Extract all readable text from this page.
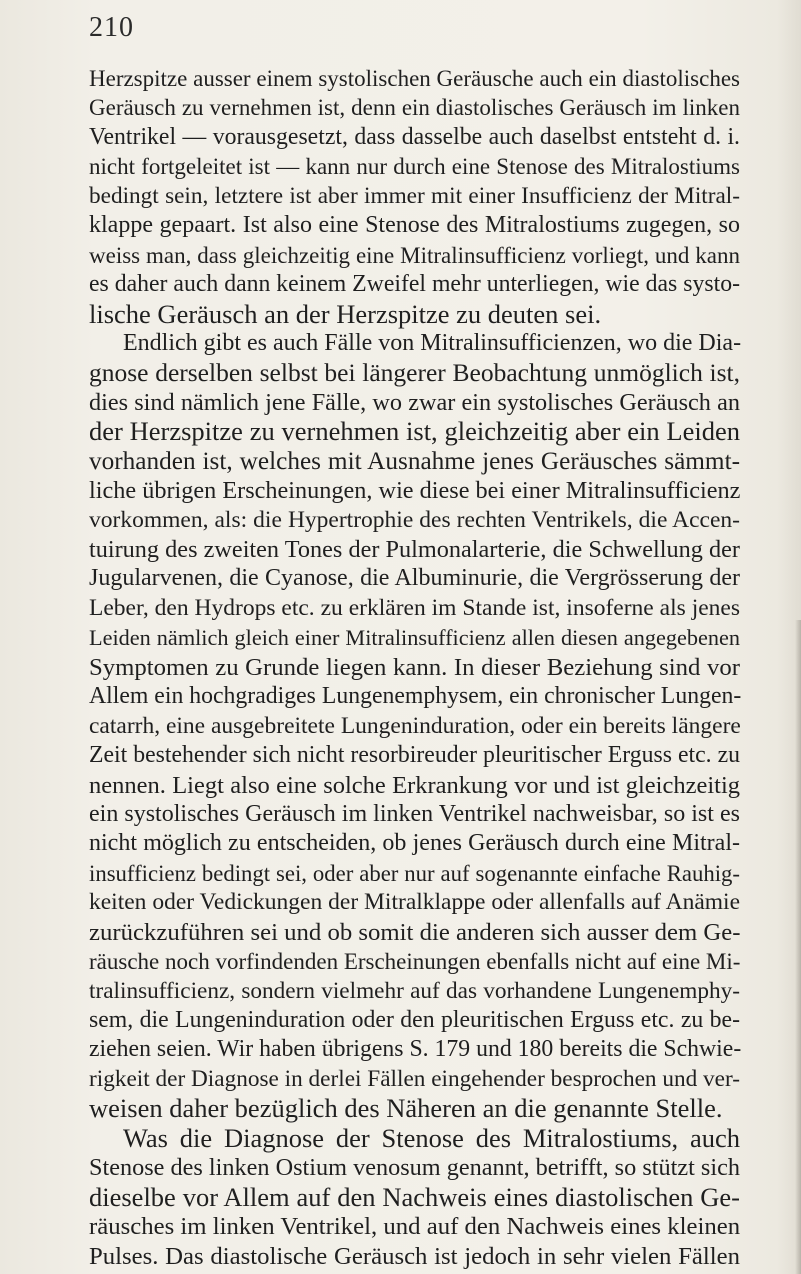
210
Herzspitze ausser einem systolischen Geräusche auch ein diastolisches
Geräusch zu vernehmen ist, denn ein diastolisches Geräusch im linken
Ventrikel — vorausgesetzt, dass dasselbe auch daselbst entsteht d. i.
nicht fortgeleitet ist — kann nur durch eine Stenose des Mitralostiums
bedingt sein, letztere ist aber immer mit einer Insufficienz der Mitral-
klappe gepaart. Ist also eine Stenose des Mitralostiums zugegen, so
weiss man, dass gleichzeitig eine Mitralinsufficienz vorliegt, und kann
es daher auch dann keinem Zweifel mehr unterliegen, wie das systo-
lische Geräusch an der Herzspitze zu deuten sei.
Endlich gibt es auch Fälle von Mitralinsufficienzen, wo die Dia-
gnose derselben selbst bei längerer Beobachtung unmöglich ist,
dies sind nämlich jene Fälle, wo zwar ein systolisches Geräusch an
der Herzspitze zu vernehmen ist, gleichzeitig aber ein Leiden
vorhanden ist, welches mit Ausnahme jenes Geräusches sämmt-
liche übrigen Erscheinungen, wie diese bei einer Mitralinsufficienz
vorkommen, als: die Hypertrophie des rechten Ventrikels, die Accen-
tuirung des zweiten Tones der Pulmonalarterie, die Schwellung der
Jugularvenen, die Cyanose, die Albuminurie, die Vergrösserung der
Leber, den Hydrops etc. zu erklären im Stande ist, insoferne als jenes
Leiden nämlich gleich einer Mitralinsufficienz allen diesen angegebenen
Symptomen zu Grunde liegen kann. In dieser Beziehung sind vor
Allem ein hochgradiges Lungenemphysem, ein chronischer Lungen-
catarrh, eine ausgebreitete Lungeninduration, oder ein bereits längere
Zeit bestehender sich nicht resorbireuder pleuritischer Erguss etc. zu
nennen. Liegt also eine solche Erkrankung vor und ist gleichzeitig
ein systolisches Geräusch im linken Ventrikel nachweisbar, so ist es
nicht möglich zu entscheiden, ob jenes Geräusch durch eine Mitral-
insufficienz bedingt sei, oder aber nur auf sogenannte einfache Rauhig-
keiten oder Vedickungen der Mitralklappe oder allenfalls auf Anämie
zurückzuführen sei und ob somit die anderen sich ausser dem Ge-
räusche noch vorfindenden Erscheinungen ebenfalls nicht auf eine Mi-
tralinsufficienz, sondern vielmehr auf das vorhandene Lungenemphy-
sem, die Lungeninduration oder den pleuritischen Erguss etc. zu be-
ziehen seien. Wir haben übrigens S. 179 und 180 bereits die Schwie-
rigkeit der Diagnose in derlei Fällen eingehender besprochen und ver-
weisen daher bezüglich des Näheren an die genannte Stelle.
Was die Diagnose der Stenose des Mitralostiums, auch
Stenose des linken Ostium venosum genannt, betrifft, so stützt sich
dieselbe vor Allem auf den Nachweis eines diastolischen Ge-
räusches im linken Ventrikel, und auf den Nachweis eines kleinen
Pulses. Das diastolische Geräusch ist jedoch in sehr vielen Fällen
